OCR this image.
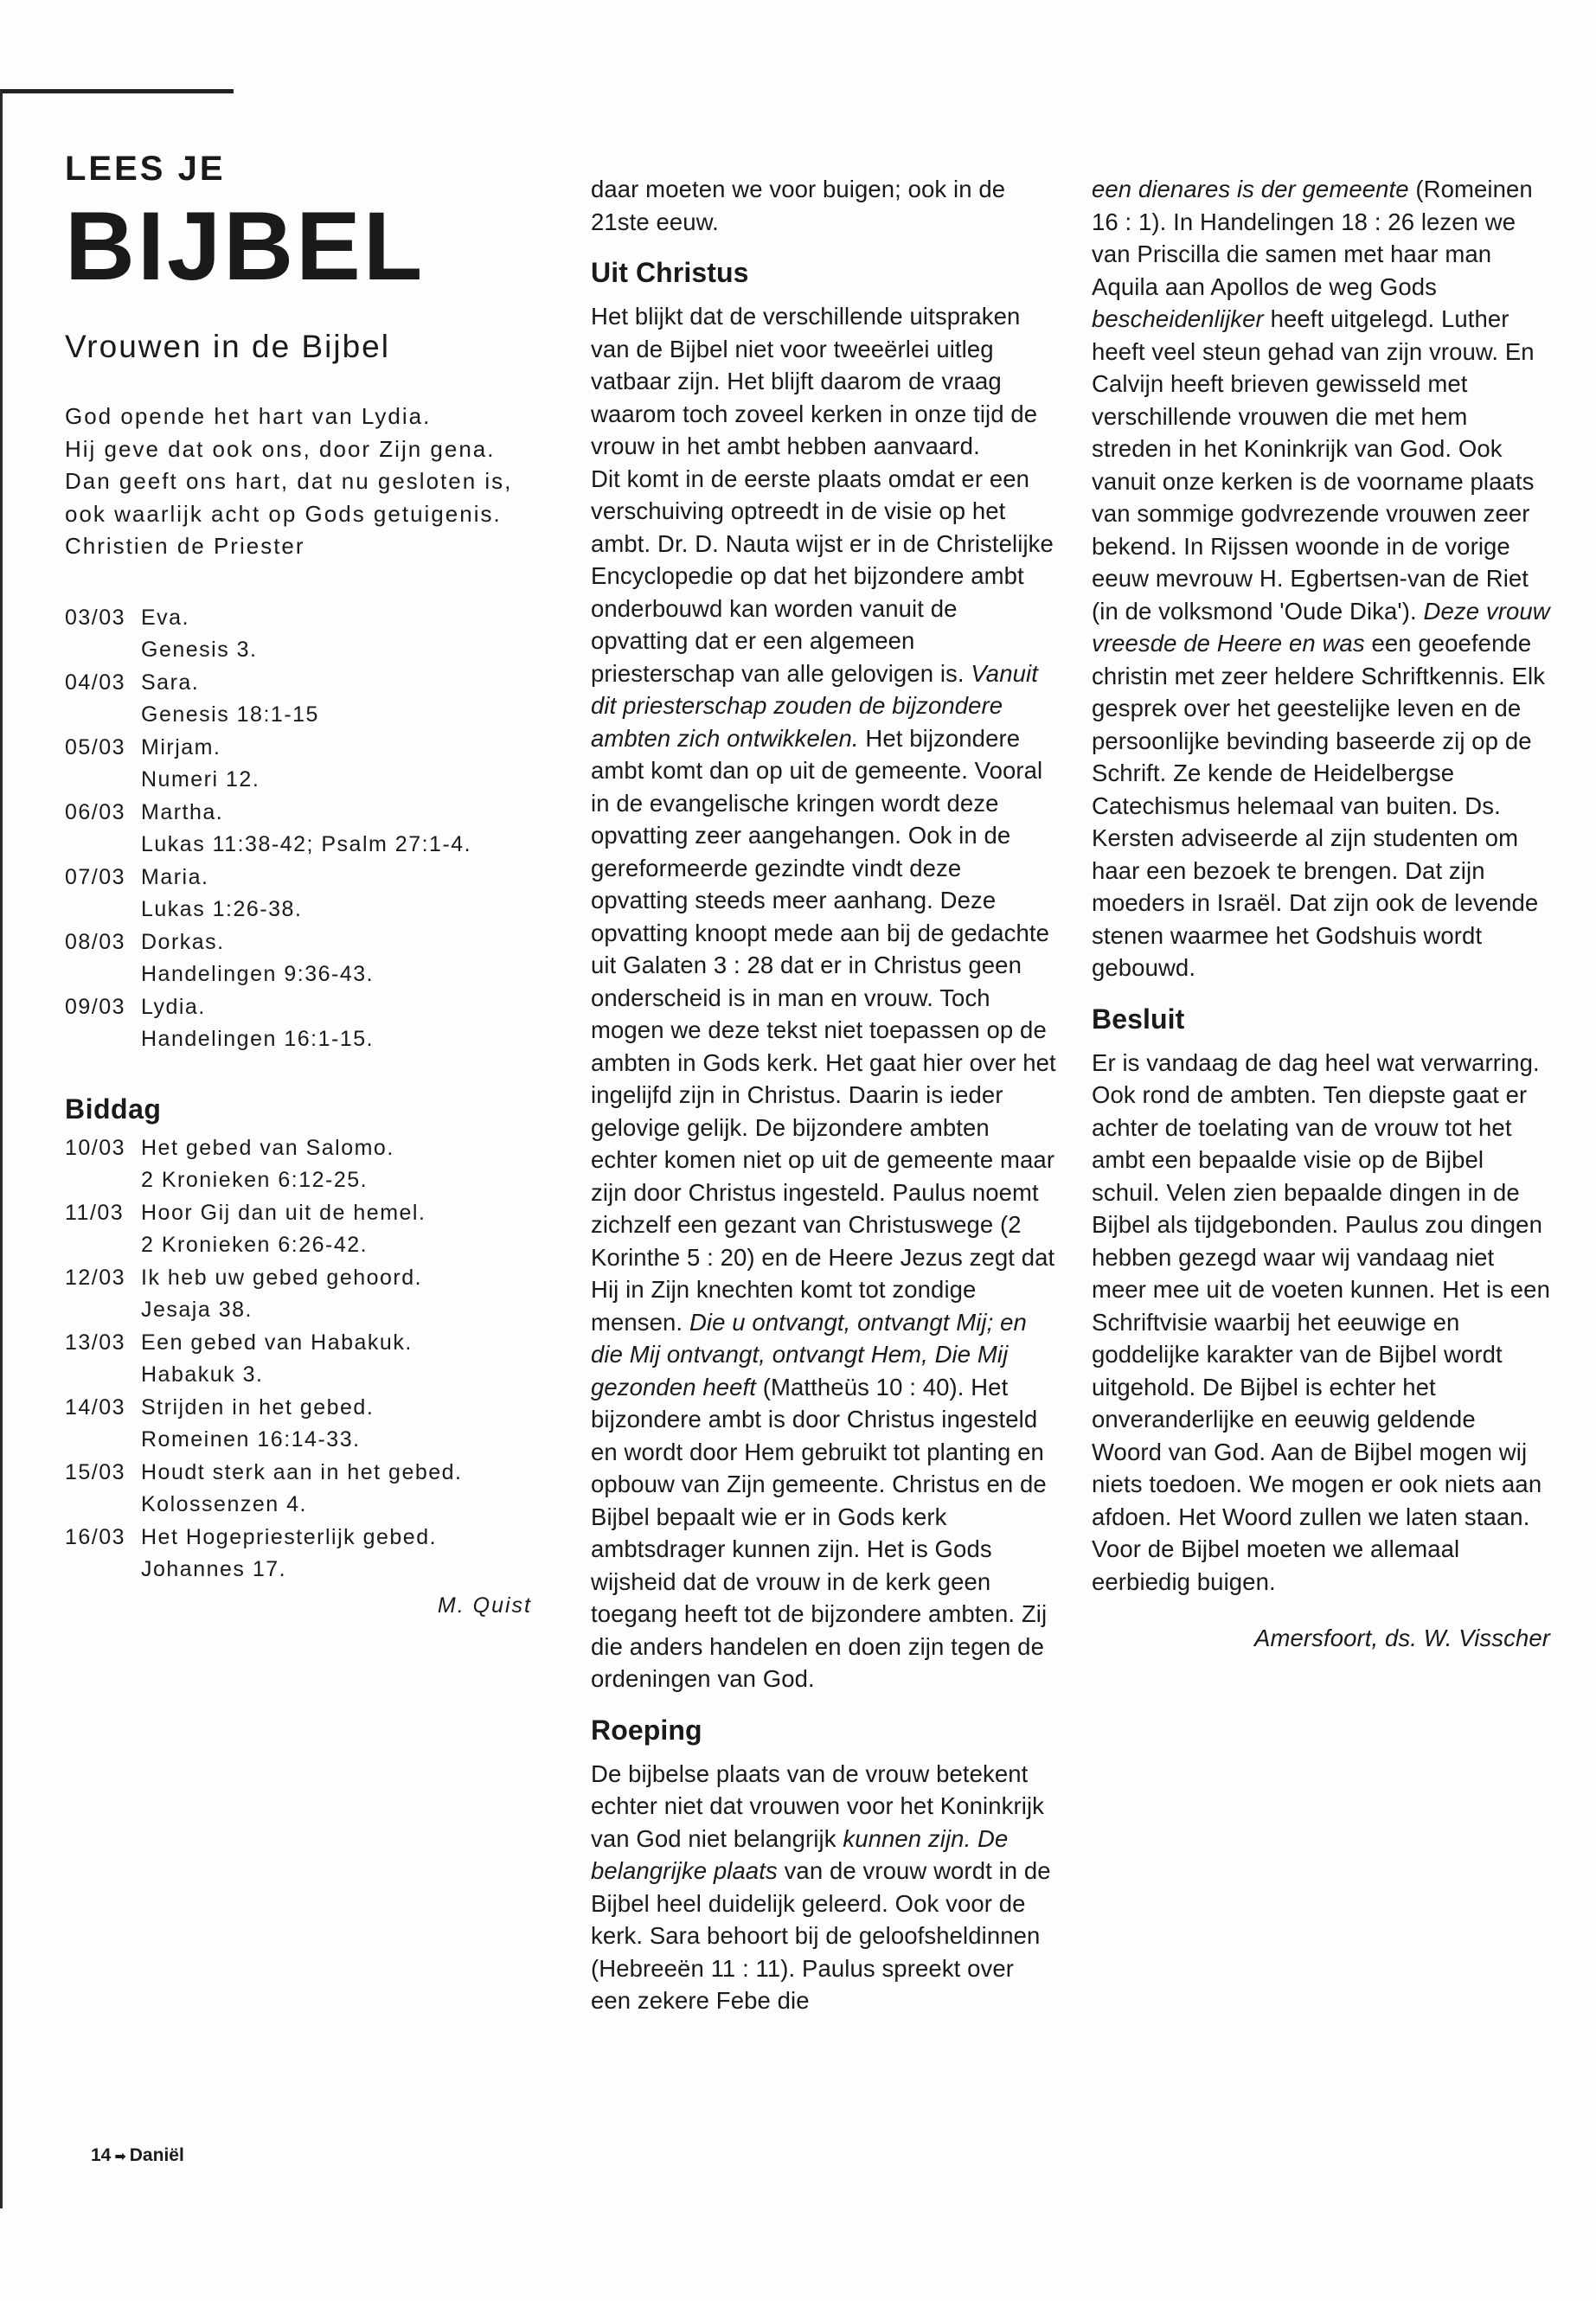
LEES JE
BIJBEL
Vrouwen in de Bijbel
God opende het hart van Lydia.
Hij geve dat ook ons, door Zijn gena.
Dan geeft ons hart, dat nu gesloten is,
ook waarlijk acht op Gods getuigenis.
Christien de Priester
03/03 Eva.
Genesis 3.
04/03 Sara.
Genesis 18:1-15
05/03 Mirjam.
Numeri 12.
06/03 Martha.
Lukas 11:38-42; Psalm 27:1-4.
07/03 Maria.
Lukas 1:26-38.
08/03 Dorkas.
Handelingen 9:36-43.
09/03 Lydia.
Handelingen 16:1-15.
Biddag
10/03 Het gebed van Salomo.
2 Kronieken 6:12-25.
11/03 Hoor Gij dan uit de hemel.
2 Kronieken 6:26-42.
12/03 Ik heb uw gebed gehoord.
Jesaja 38.
13/03 Een gebed van Habakuk.
Habakuk 3.
14/03 Strijden in het gebed.
Romeinen 16:14-33.
15/03 Houdt sterk aan in het gebed.
Kolossenzen 4.
16/03 Het Hogepriesterlijk gebed.
Johannes 17.
M. Quist

daar moeten we voor buigen; ook in de 21ste eeuw.

Uit Christus

Het blijkt dat de verschillende uitspraken van de Bijbel niet voor tweeërlei uitleg vatbaar zijn. Het blijft daarom de vraag waarom toch zoveel kerken in onze tijd de vrouw in het ambt hebben aanvaard.

Dit komt in de eerste plaats omdat er een verschuiving optreedt in de visie op het ambt. Dr. D. Nauta wijst er in de Christelijke Encyclopedie op dat het bijzondere ambt onderbouwd kan worden vanuit de opvatting dat er een algemeen priesterschap van alle gelovigen is. Vanuit dit priesterschap zouden de bijzondere ambten zich ontwikkelen. Het bijzondere ambt komt dan op uit de gemeente. Vooral in de evangelische kringen wordt deze opvatting zeer aangehangen. Ook in de gereformeerde gezindte vindt deze opvatting steeds meer aanhang. Deze opvatting knoopt mede aan bij de gedachte uit Galaten 3 : 28 dat er in Christus geen onderscheid is in man en vrouw. Toch mogen we deze tekst niet toepassen op de ambten in Gods kerk. Het gaat hier over het ingelijfd zijn in Christus. Daarin is ieder gelovige gelijk. De bijzondere ambten echter komen niet op uit de gemeente maar zijn door Christus ingesteld. Paulus noemt zichzelf een gezant van Christuswege (2 Korinthe 5 : 20) en de Heere Jezus zegt dat Hij in Zijn knechten komt tot zondige mensen. Die u ontvangt, ontvangt Mij; en die Mij ontvangt, ontvangt Hem, Die Mij gezonden heeft (Mattheüs 10 : 40). Het bijzondere ambt is door Christus ingesteld en wordt door Hem gebruikt tot planting en opbouw van Zijn gemeente. Christus en de Bijbel bepaalt wie er in Gods kerk ambtsdrager kunnen zijn. Het is Gods wijsheid dat de vrouw in de kerk geen toegang heeft tot de bijzondere ambten. Zij die anders handelen en doen zijn tegen de ordeningen van God.

Roeping

De bijbelse plaats van de vrouw betekent echter niet dat vrouwen voor het Koninkrijk van God niet belangrijk kunnen zijn. De belangrijke plaats van de vrouw wordt in de Bijbel heel duidelijk geleerd. Ook voor de kerk. Sara behoort bij de geloofsheldinnen (Hebreeën 11 : 11). Paulus spreekt over een zekere Febe die

een dienares is der gemeente (Romeinen 16 : 1). In Handelingen 18 : 26 lezen we van Priscilla die samen met haar man Aquila aan Apollos de weg Gods bescheidenlijker heeft uitgelegd. Luther heeft veel steun gehad van zijn vrouw. En Calvijn heeft brieven gewisseld met verschillende vrouwen die met hem streden in het Koninkrijk van God. Ook vanuit onze kerken is de voorname plaats van sommige godvrezende vrouwen zeer bekend. In Rijssen woonde in de vorige eeuw mevrouw H. Egbertsen-van de Riet (in de volksmond 'Oude Dika'). Deze vrouw vreesde de Heere en was een geoefende christin met zeer heldere Schriftkennis. Elk gesprek over het geestelijke leven en de persoonlijke bevinding baseerde zij op de Schrift. Ze kende de Heidelbergse Catechismus helemaal van buiten. Ds. Kersten adviseerde al zijn studenten om haar een bezoek te brengen. Dat zijn moeders in Israël. Dat zijn ook de levende stenen waarmee het Godshuis wordt gebouwd.

Besluit

Er is vandaag de dag heel wat verwarring. Ook rond de ambten. Ten diepste gaat er achter de toelating van de vrouw tot het ambt een bepaalde visie op de Bijbel schuil. Velen zien bepaalde dingen in de Bijbel als tijdgebonden. Paulus zou dingen hebben gezegd waar wij vandaag niet meer mee uit de voeten kunnen. Het is een Schriftvisie waarbij het eeuwige en goddelijke karakter van de Bijbel wordt uitgehold. De Bijbel is echter het onveranderlijke en eeuwig geldende Woord van God. Aan de Bijbel mogen wij niets toedoen. We mogen er ook niets aan afdoen. Het Woord zullen we laten staan. Voor de Bijbel moeten we allemaal eerbiedig buigen.

Amersfoort, ds. W. Visscher

14 ➡ Daniël
